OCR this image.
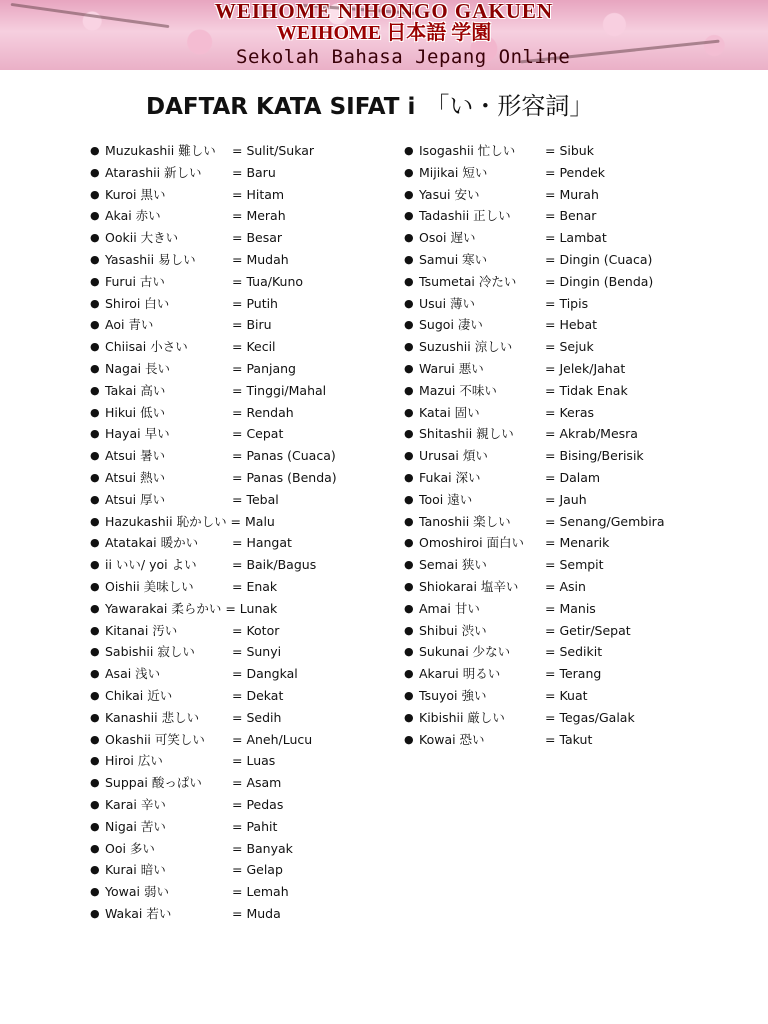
WEIHOME NIHONGO GAKUEN
WEIHOME 日本語 学園
Sekolah Bahasa Jepang Online
DAFTAR KATA SIFAT i 「い・形容詞」
● Muzukashii 難しい = Sulit/Sukar
● Atarashii 新しい = Baru
● Kuroi 黒い	= Hitam
● Akai 赤い	= Merah
● Ookii 大きい	= Besar
● Yasashii 易しい	= Mudah
● Furui 古い	= Tua/Kuno
● Shiroi 白い	= Putih
● Aoi 青い	= Biru
● Chiisai 小さい	= Kecil
● Nagai 長い	= Panjang
● Takai 高い	= Tinggi/Mahal
● Hikui 低い	= Rendah
● Hayai 早い	= Cepat
● Atsui 暑い	= Panas (Cuaca)
● Atsui 熱い	= Panas (Benda)
● Atsui 厚い	= Tebal
● Hazukashii 恥かしい = Malu
● Atatakai 暖かい	= Hangat
● ii いい/ yoi よい	= Baik/Bagus
● Oishii 美味しい	= Enak
● Yawarakai 柔らかい = Lunak
● Kitanai 汚い	= Kotor
● Sabishii 寂しい	= Sunyi
● Asai 浅い	= Dangkal
● Chikai 近い	= Dekat
● Kanashii 悲しい	= Sedih
● Okashii 可笑しい = Aneh/Lucu
● Hiroi 広い	= Luas
● Suppai 酸っぱい = Asam
● Karai 辛い	= Pedas
● Nigai 苦い	= Pahit
● Ooi 多い	= Banyak
● Kurai 暗い	= Gelap
● Yowai 弱い	= Lemah
● Wakai 若い	= Muda
● Isogashii 忙しい = Sibuk
● Mijikai 短い	= Pendek
● Yasui 安い	= Murah
● Tadashii 正しい	= Benar
● Osoi 遅い	= Lambat
● Samui 寒い	= Dingin (Cuaca)
● Tsumetai 冷たい = Dingin (Benda)
● Usui 薄い	= Tipis
● Sugoi 凄い	= Hebat
● Suzushii 涼しい	= Sejuk
● Warui 悪い	= Jelek/Jahat
● Mazui 不味い	= Tidak Enak
● Katai 固い	= Keras
● Shitashii 親しい	= Akrab/Mesra
● Urusai 煩い	= Bising/Berisik
● Fukai 深い	= Dalam
● Tooi 遠い	= Jauh
● Tanoshii 楽しい	= Senang/Gembira
● Omoshiroi 面白い = Menarik
● Semai 狭い	= Sempit
● Shiokarai 塩辛い = Asin
● Amai 甘い	= Manis
● Shibui 渋い	= Getir/Sepat
● Sukunai 少ない	= Sedikit
● Akarui 明るい	= Terang
● Tsuyoi 強い	= Kuat
● Kibishii 厳しい	= Tegas/Galak
● Kowai 恐い	= Takut
